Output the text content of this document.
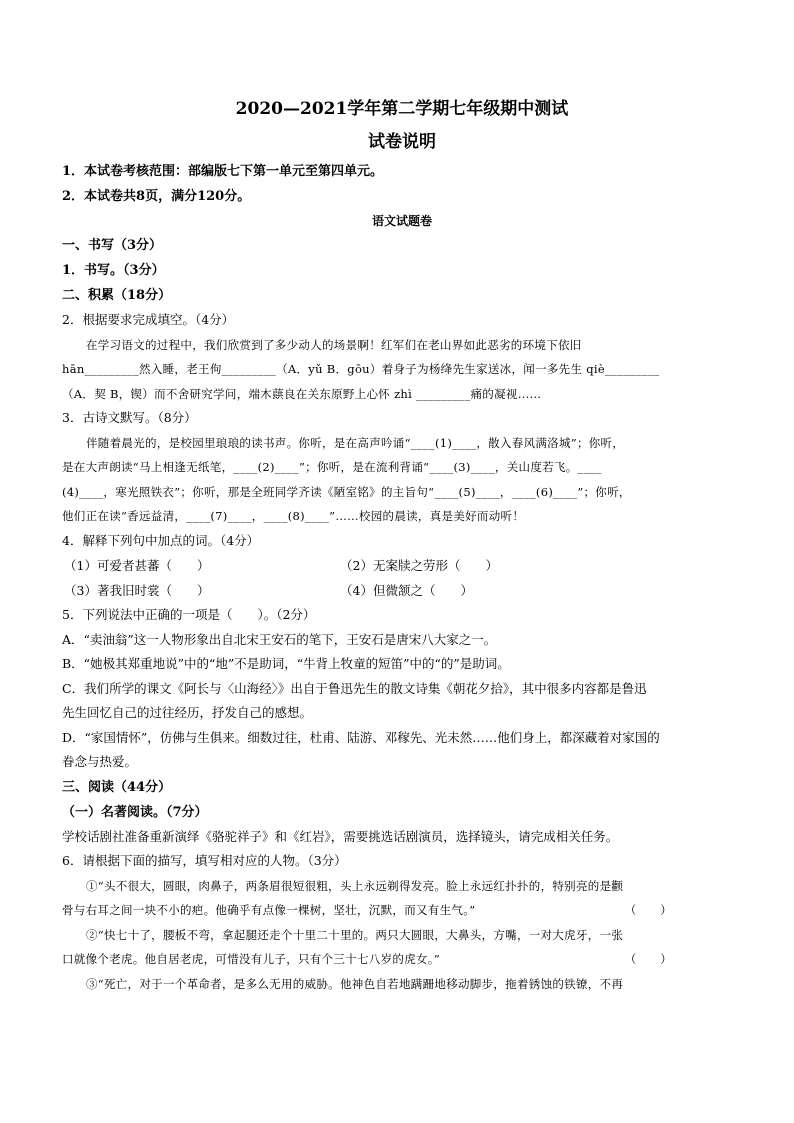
2020—2021学年第二学期七年级期中测试
试卷说明
1．本试卷考核范围：部编版七下第一单元至第四单元。
2．本试卷共8页，满分120分。
语文试题卷
一、书写（3分）
1．书写。（3分）
二、积累（18分）
2．根据要求完成填空。（4分）
在学习语文的过程中，我们欣赏到了多少动人的场景啊！红军们在老山界如此恶劣的环境下依旧
hān_________然入睡，老王佝_________（A．yǔ B．gōu）着身子为杨绛先生家送冰，闻一多先生 qiè_________
（A．契 B，锲）而不舍研究学问，端木蕻良在关东原野上心怀 zhì _________痛的凝视……
3．古诗文默写。（8分）
伴随着晨光的，是校园里琅琅的读书声。你听，是在高声吟诵“____(1)____，散入春风满洛城”；你听，
是在大声朗读“马上相逢无纸笔，____(2)____”；你听，是在流利背诵“____(3)____，关山度若飞。____
(4)____，寒光照铁衣”；你听，那是全班同学齐读《陋室铭》的主旨句“____(5)____，____(6)____”；你听，
他们正在读“香远益清，____(7)____，____(8)____”……校园的晨读，真是美好而动听！
4．解释下列句中加点的词。（4分）
（1）可爱者甚蕃（　　）	（2）无案牍之劳形（　　）
（3）著我旧时裳（　　）	（4）但微颔之（　　）
5．下列说法中正确的一项是（　　）。（2分）
A．“卖油翁”这一人物形象出自北宋王安石的笔下，王安石是唐宋八大家之一。
B．“她极其郑重地说”中的“地”不是助词，“牛背上牧童的短笛”中的“的”是助词。
C．我们所学的课文《阿长与〈山海经〉》出自于鲁迅先生的散文诗集《朝花夕拾》，其中很多内容都是鲁迅
先生回忆自己的过往经历，抒发自己的感想。
D．“家国情怀”，仿佛与生俱来。细数过往，杜甫、陆游、邓稼先、光未然……他们身上，都深藏着对家国的
眷念与热爱。
三、阅读（44分）
（一）名著阅读。（7分）
学校话剧社准备重新演绎《骆驼祥子》和《红岩》，需要挑选话剧演员，选择镜头，请完成相关任务。
6．请根据下面的描写，填写相对应的人物。（3分）
①“头不很大，圆眼，肉鼻子，两条眉很短很粗，头上永远剃得发亮。脸上永远红扑扑的，特别亮的是颧
骨与右耳之间一块不小的疤。他确乎有点像一棵树，坚壮，沉默，而又有生气。”	（　　）
②“快七十了，腰板不弯，拿起腿还走个十里二十里的。两只大圆眼，大鼻头，方嘴，一对大虎牙，一张
口就像个老虎。他自居老虎，可惜没有儿子，只有个三十七八岁的虎女。”	（　　）
③“死亡，对于一个革命者，是多么无用的威胁。他神色自若地蹒跚地移动脚步，拖着锈蚀的铁镣，不再
